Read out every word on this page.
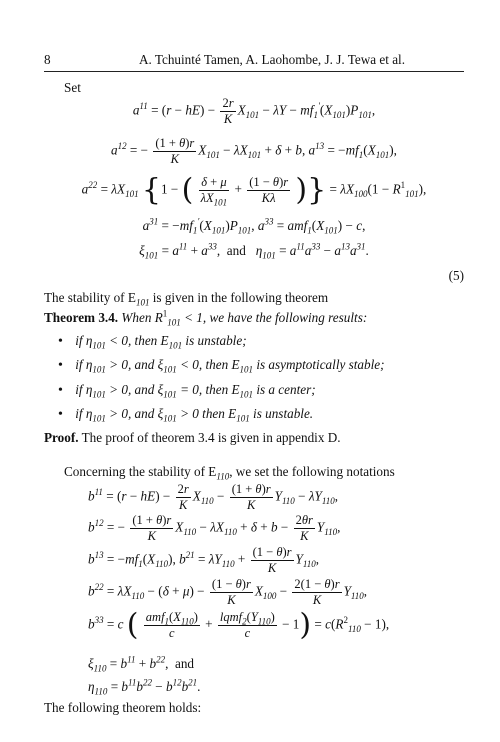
8	A. Tchuinté Tamen, A. Laohombe, J. J. Tewa et al.
Set
$a^{11} = (r - hE) - \frac{2r}{K} X_{101} - \lambda Y - mf_1'(X_{101})P_{101}$,
$a^{12}$ = − $\frac{(1 + \theta)r}{K} X_{101} - \lambda X_{101} + \delta + b$, $a^{13} = -mf_1(X_{101})$,
$a^{22} = \lambda X_{101}$ {1 − ( $\frac{\delta + \mu}{\lambda X_{101}} + \frac{(1 - \theta)r}{K\lambda}$ )} = $\lambda X_{100}(1 - R^1_{101})$,
$a^{31} = -mf_1'(X_{101})P_{101}$, $a^{33} = amf_1(X_{101}) - c$,
$\xi_{101} = a^{11} + a^{33}$,  and   $\eta_{101} = a^{11}a^{33} - a^{13}a^{31}$.
(5)
The stability of $E_{101}$ is given in the following theorem
Theorem 3.4. When $R^1_{101} < 1$, we have the following results:
• if $\eta_{101} < 0$, then $E_{101}$ is unstable;
• if $\eta_{101} > 0$, and $\xi_{101} < 0$, then $E_{101}$ is asymptotically stable;
• if $\eta_{101} > 0$, and $\xi_{101} = 0$, then $E_{101}$ is a center;
• if $\eta_{101} > 0$, and $\xi_{101} > 0$ then $E_{101}$ is unstable.
Proof. The proof of theorem 3.4 is given in appendix D.
Concerning the stability of $E_{110}$, we set the following notations
$b^{11} = (r - hE) - \frac{2r}{K} X_{110} - \frac{(1 + \theta)r}{K} Y_{110} - \lambda Y_{110}$,
$b^{12}$ = − $\frac{(1 + \theta)r}{K} X_{110} - \lambda X_{110} + \delta + b - \frac{2\theta r}{K} Y_{110}$,
$b^{13} = -mf_1(X_{110})$, $b^{21} = \lambda Y_{110} + \frac{(1 - \theta)r}{K} Y_{110}$,
$b^{22} = \lambda X_{110} - (\delta + \mu) - \frac{(1 - \theta)r}{K} X_{100} - \frac{2(1 - \theta)r}{K} Y_{110}$,
$b^{33} = c$ ( $\frac{amf_1(X_{110})}{c} + \frac{lqmf_2(Y_{110})}{c} - 1) = c(R^2_{110} - 1)$,
$\xi_{110} = b^{11} + b^{22}$,  and
$\eta_{110} = b^{11}b^{22} - b^{12}b^{21}$.
The following theorem holds:
